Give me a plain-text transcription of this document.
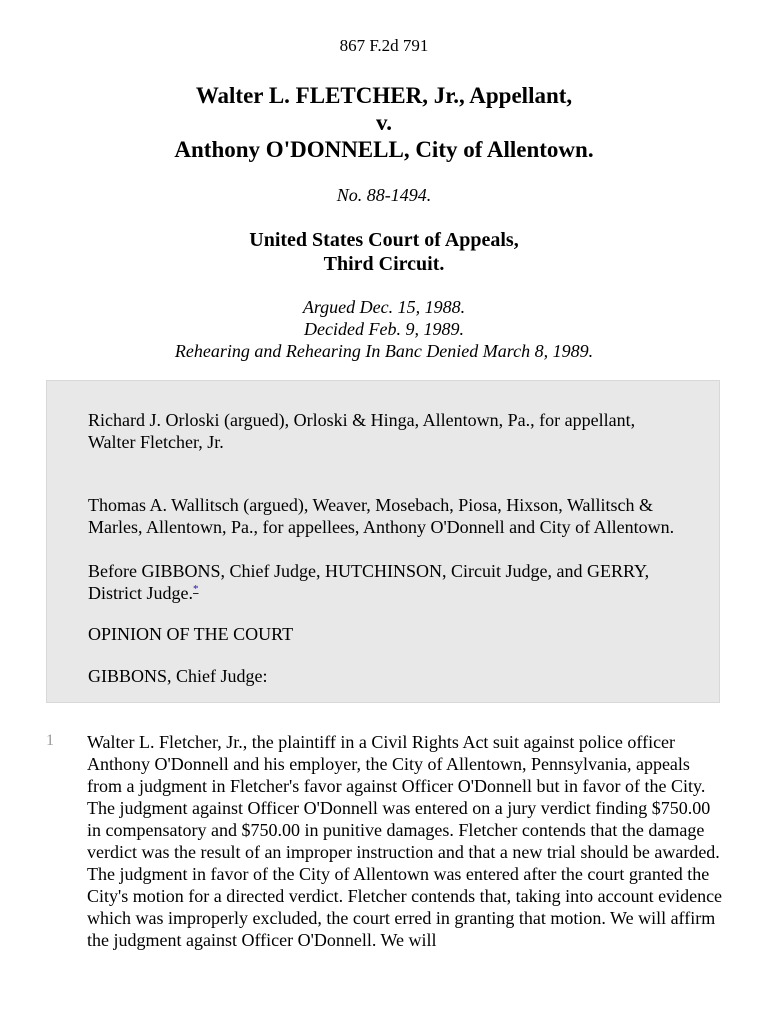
867 F.2d 791
Walter L. FLETCHER, Jr., Appellant,
v.
Anthony O'DONNELL, City of Allentown.
No. 88-1494.
United States Court of Appeals,
Third Circuit.
Argued Dec. 15, 1988.
Decided Feb. 9, 1989.
Rehearing and Rehearing In Banc Denied March 8, 1989.

Richard J. Orloski (argued), Orloski & Hinga, Allentown, Pa., for appellant, Walter Fletcher, Jr.

Thomas A. Wallitsch (argued), Weaver, Mosebach, Piosa, Hixson, Wallitsch & Marles, Allentown, Pa., for appellees, Anthony O'Donnell and City of Allentown.

Before GIBBONS, Chief Judge, HUTCHINSON, Circuit Judge, and GERRY, District Judge.*

OPINION OF THE COURT

GIBBONS, Chief Judge:

1 Walter L. Fletcher, Jr., the plaintiff in a Civil Rights Act suit against police officer Anthony O'Donnell and his employer, the City of Allentown, Pennsylvania, appeals from a judgment in Fletcher's favor against Officer O'Donnell but in favor of the City. The judgment against Officer O'Donnell was entered on a jury verdict finding $750.00 in compensatory and $750.00 in punitive damages. Fletcher contends that the damage verdict was the result of an improper instruction and that a new trial should be awarded. The judgment in favor of the City of Allentown was entered after the court granted the City's motion for a directed verdict. Fletcher contends that, taking into account evidence which was improperly excluded, the court erred in granting that motion. We will affirm the judgment against Officer O'Donnell. We will
